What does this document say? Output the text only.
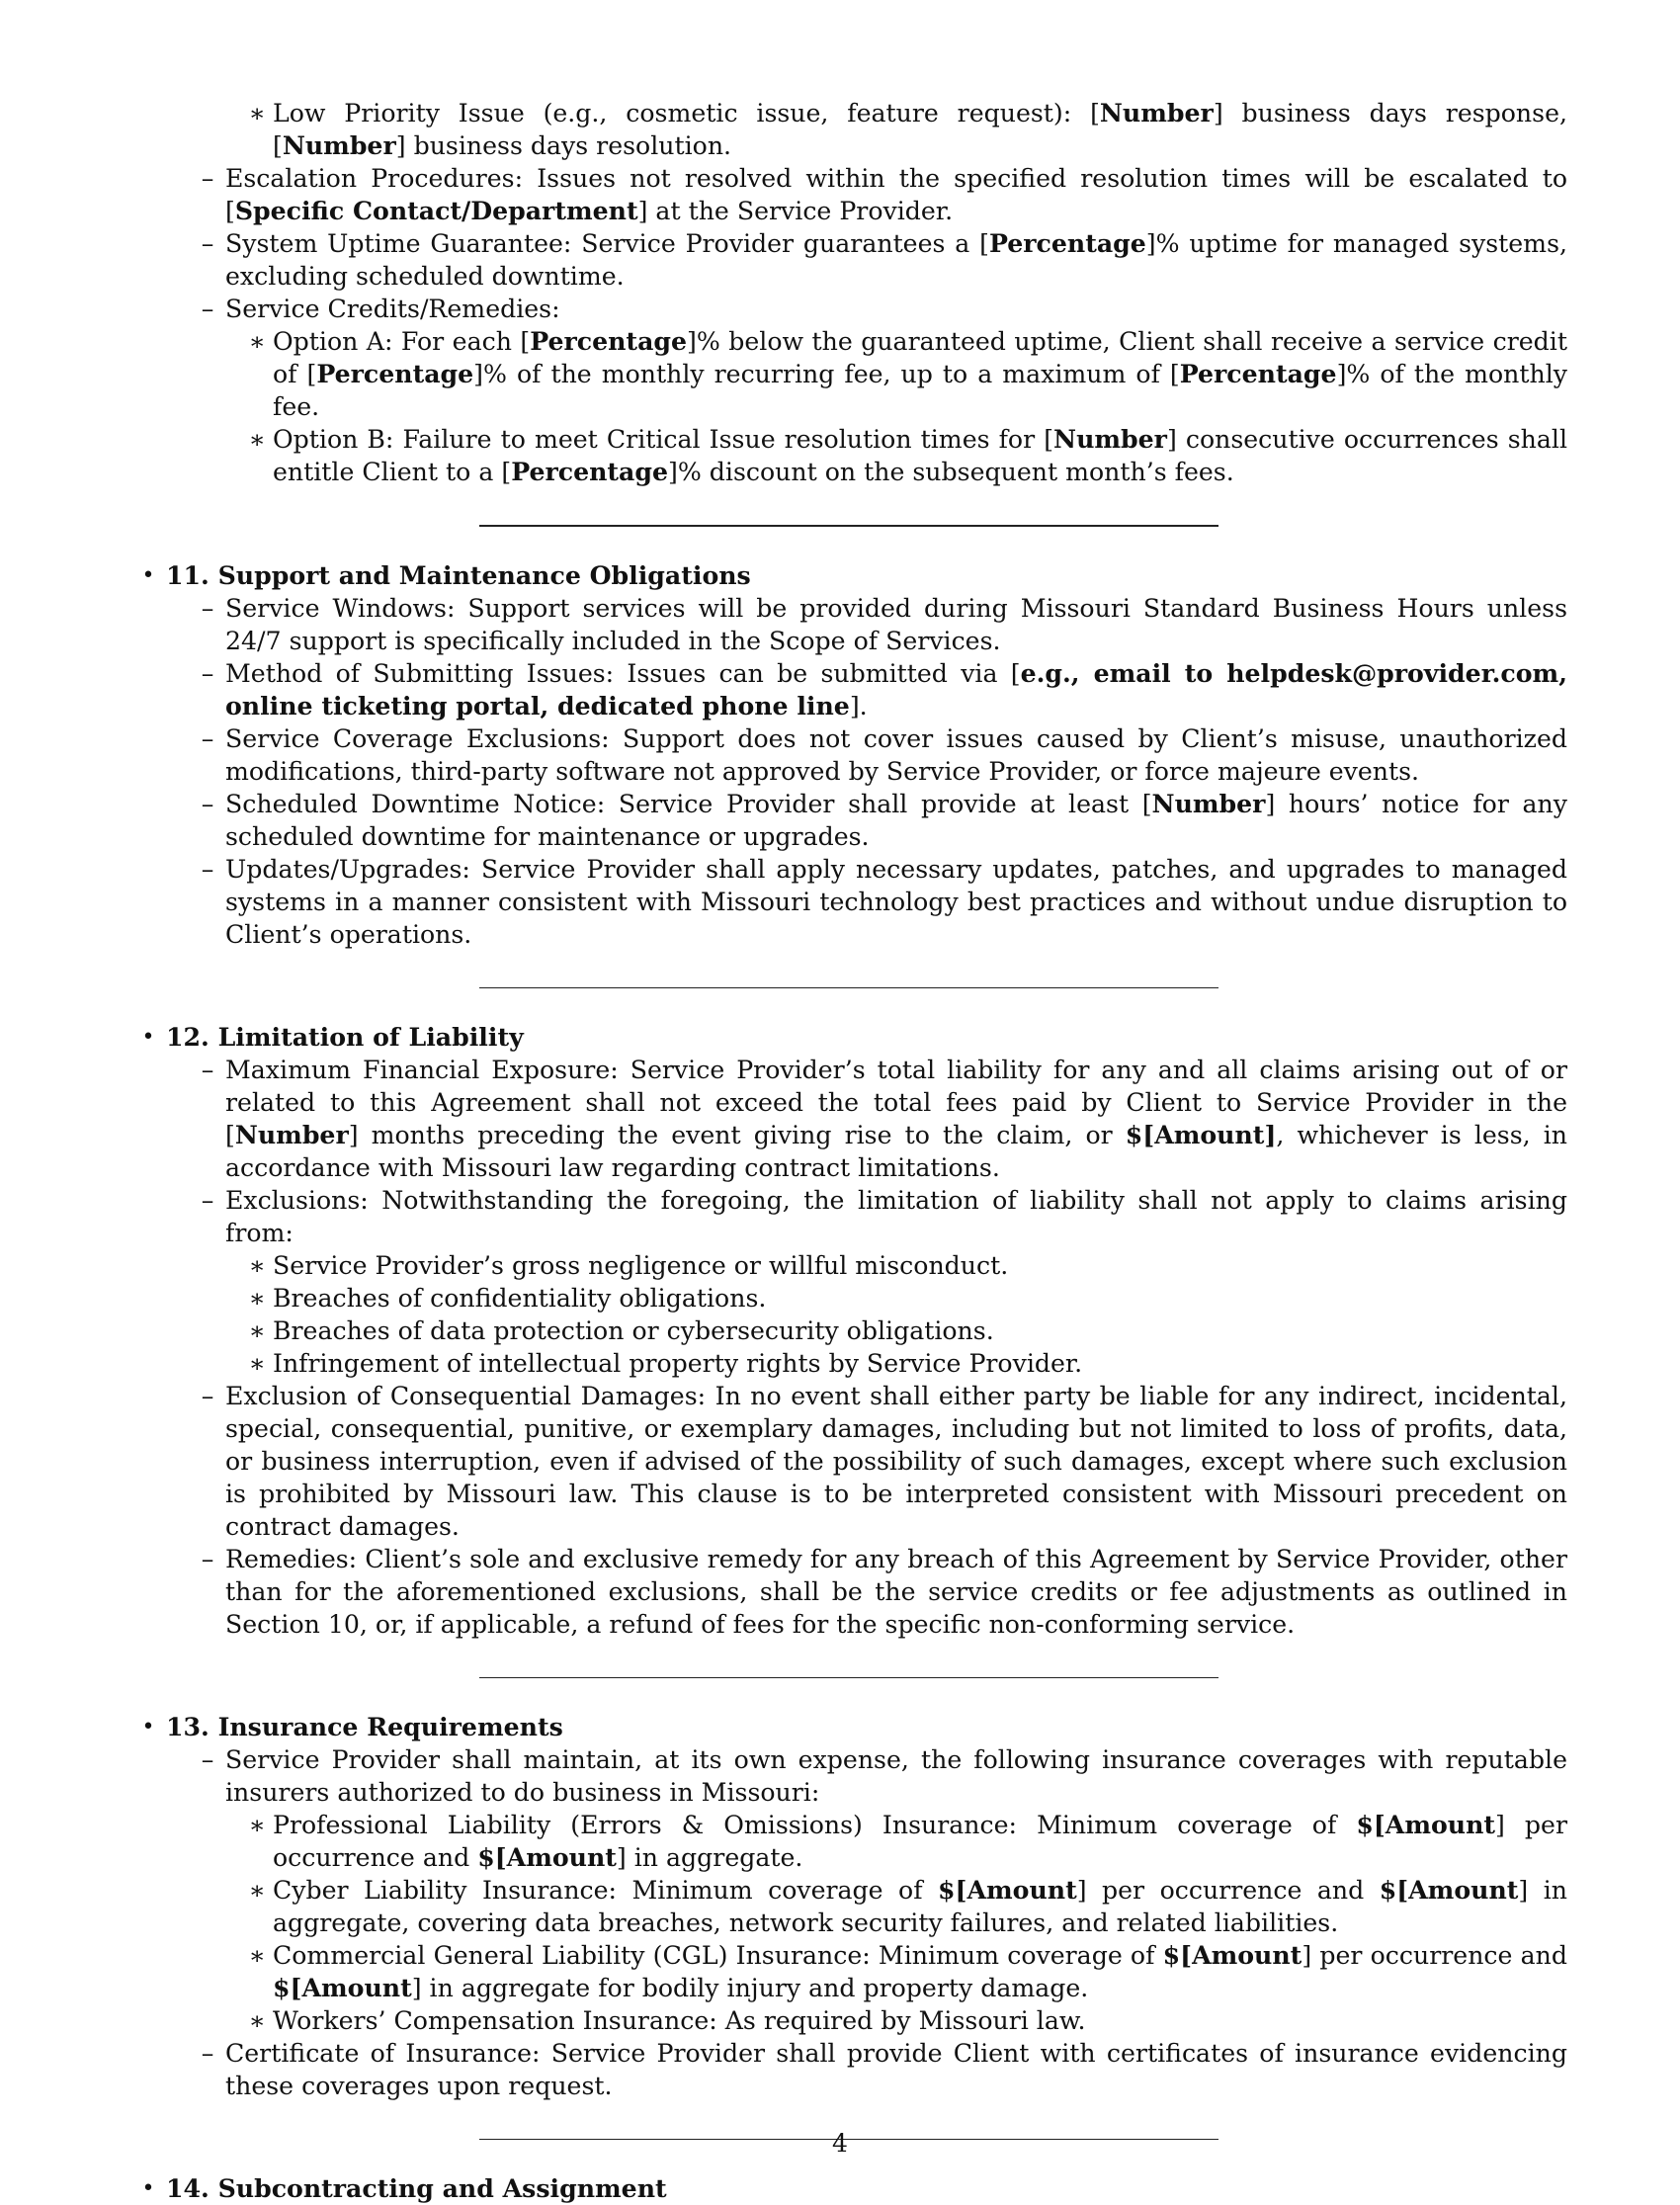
∗ Low Priority Issue (e.g., cosmetic issue, feature request): [Number] business days response, [Number] business days resolution.
– Escalation Procedures: Issues not resolved within the specified resolution times will be escalated to [Specific Contact/Department] at the Service Provider.
– System Uptime Guarantee: Service Provider guarantees a [Percentage]% uptime for managed systems, excluding scheduled downtime.
– Service Credits/Remedies:
∗ Option A: For each [Percentage]% below the guaranteed uptime, Client shall receive a service credit of [Percentage]% of the monthly recurring fee, up to a maximum of [Percentage]% of the monthly fee.
∗ Option B: Failure to meet Critical Issue resolution times for [Number] consecutive occurrences shall entitle Client to a [Percentage]% discount on the subsequent month’s fees.
• 11. Support and Maintenance Obligations
– Service Windows: Support services will be provided during Missouri Standard Business Hours unless 24/7 support is specifically included in the Scope of Services.
– Method of Submitting Issues: Issues can be submitted via [e.g., email to helpdesk@provider.com, online ticketing portal, dedicated phone line].
– Service Coverage Exclusions: Support does not cover issues caused by Client’s misuse, unauthorized modifications, third-party software not approved by Service Provider, or force majeure events.
– Scheduled Downtime Notice: Service Provider shall provide at least [Number] hours’ notice for any scheduled downtime for maintenance or upgrades.
– Updates/Upgrades: Service Provider shall apply necessary updates, patches, and upgrades to managed systems in a manner consistent with Missouri technology best practices and without undue disruption to Client’s operations.
• 12. Limitation of Liability
– Maximum Financial Exposure: Service Provider’s total liability for any and all claims arising out of or related to this Agreement shall not exceed the total fees paid by Client to Service Provider in the [Number] months preceding the event giving rise to the claim, or $[Amount], whichever is less, in accordance with Missouri law regarding contract limitations.
– Exclusions: Notwithstanding the foregoing, the limitation of liability shall not apply to claims arising from:
∗ Service Provider’s gross negligence or willful misconduct.
∗ Breaches of confidentiality obligations.
∗ Breaches of data protection or cybersecurity obligations.
∗ Infringement of intellectual property rights by Service Provider.
– Exclusion of Consequential Damages: In no event shall either party be liable for any indirect, incidental, special, consequential, punitive, or exemplary damages, including but not limited to loss of profits, data, or business interruption, even if advised of the possibility of such damages, except where such exclusion is prohibited by Missouri law. This clause is to be interpreted consistent with Missouri precedent on contract damages.
– Remedies: Client’s sole and exclusive remedy for any breach of this Agreement by Service Provider, other than for the aforementioned exclusions, shall be the service credits or fee adjustments as outlined in Section 10, or, if applicable, a refund of fees for the specific non-conforming service.
• 13. Insurance Requirements
– Service Provider shall maintain, at its own expense, the following insurance coverages with reputable insurers authorized to do business in Missouri:
∗ Professional Liability (Errors & Omissions) Insurance: Minimum coverage of $[Amount] per occurrence and $[Amount] in aggregate.
∗ Cyber Liability Insurance: Minimum coverage of $[Amount] per occurrence and $[Amount] in aggregate, covering data breaches, network security failures, and related liabilities.
∗ Commercial General Liability (CGL) Insurance: Minimum coverage of $[Amount] per occurrence and $[Amount] in aggregate for bodily injury and property damage.
∗ Workers’ Compensation Insurance: As required by Missouri law.
– Certificate of Insurance: Service Provider shall provide Client with certificates of insurance evidencing these coverages upon request.
• 14. Subcontracting and Assignment
4
